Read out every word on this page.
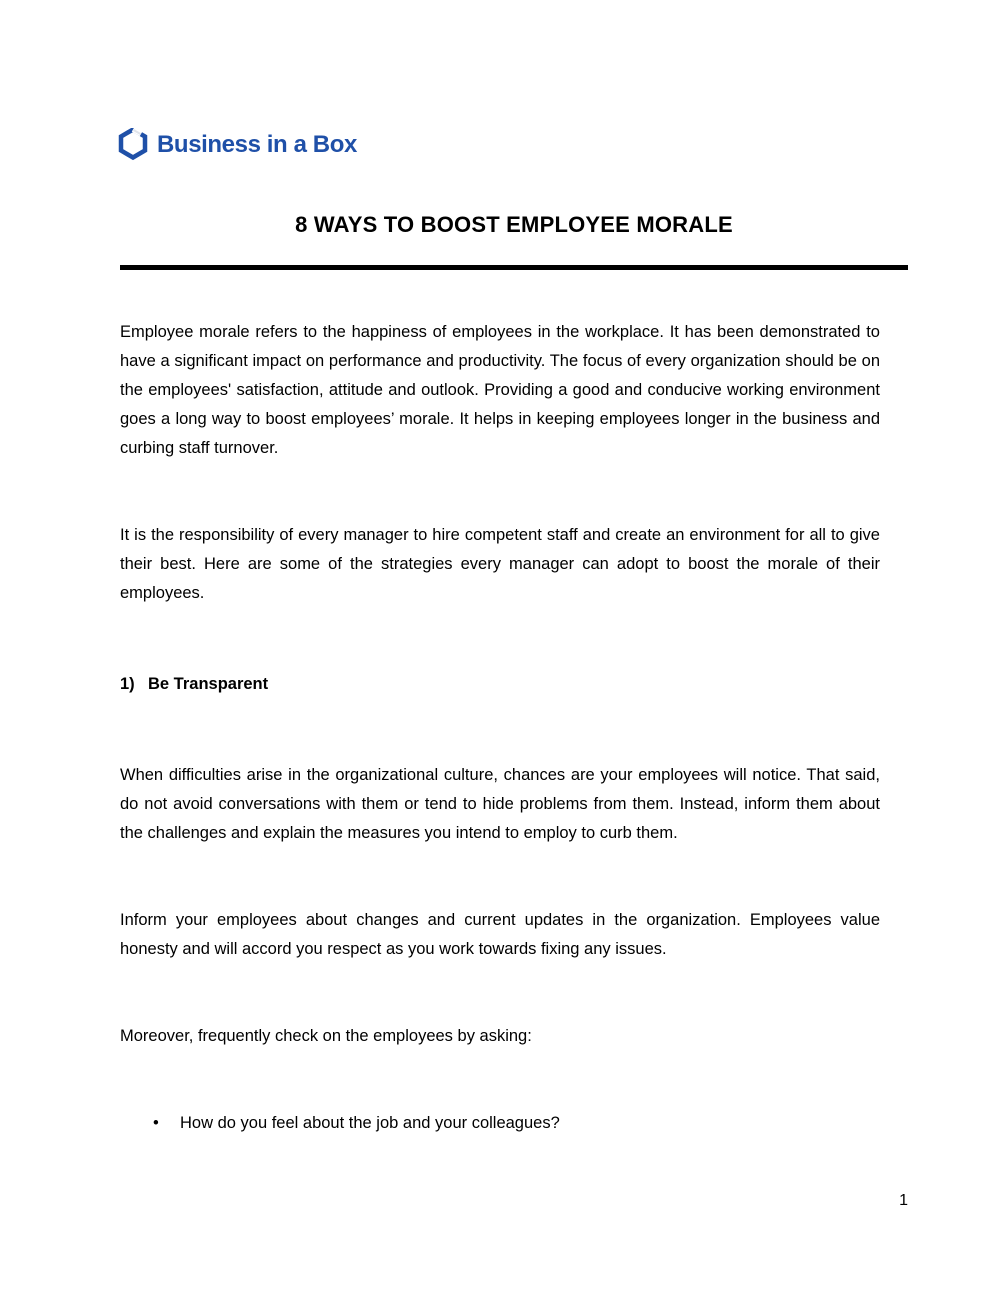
Business in a Box
8 WAYS TO BOOST EMPLOYEE MORALE

Employee morale refers to the happiness of employees in the workplace. It has been demonstrated to have a significant impact on performance and productivity. The focus of every organization should be on the employees' satisfaction, attitude and outlook. Providing a good and conducive working environment goes a long way to boost employees’ morale. It helps in keeping employees longer in the business and curbing staff turnover.

It is the responsibility of every manager to hire competent staff and create an environment for all to give their best. Here are some of the strategies every manager can adopt to boost the morale of their employees.

1) Be Transparent

When difficulties arise in the organizational culture, chances are your employees will notice. That said, do not avoid conversations with them or tend to hide problems from them. Instead, inform them about the challenges and explain the measures you intend to employ to curb them.

Inform your employees about changes and current updates in the organization. Employees value honesty and will accord you respect as you work towards fixing any issues.

Moreover, frequently check on the employees by asking:

• How do you feel about the job and your colleagues?
1
